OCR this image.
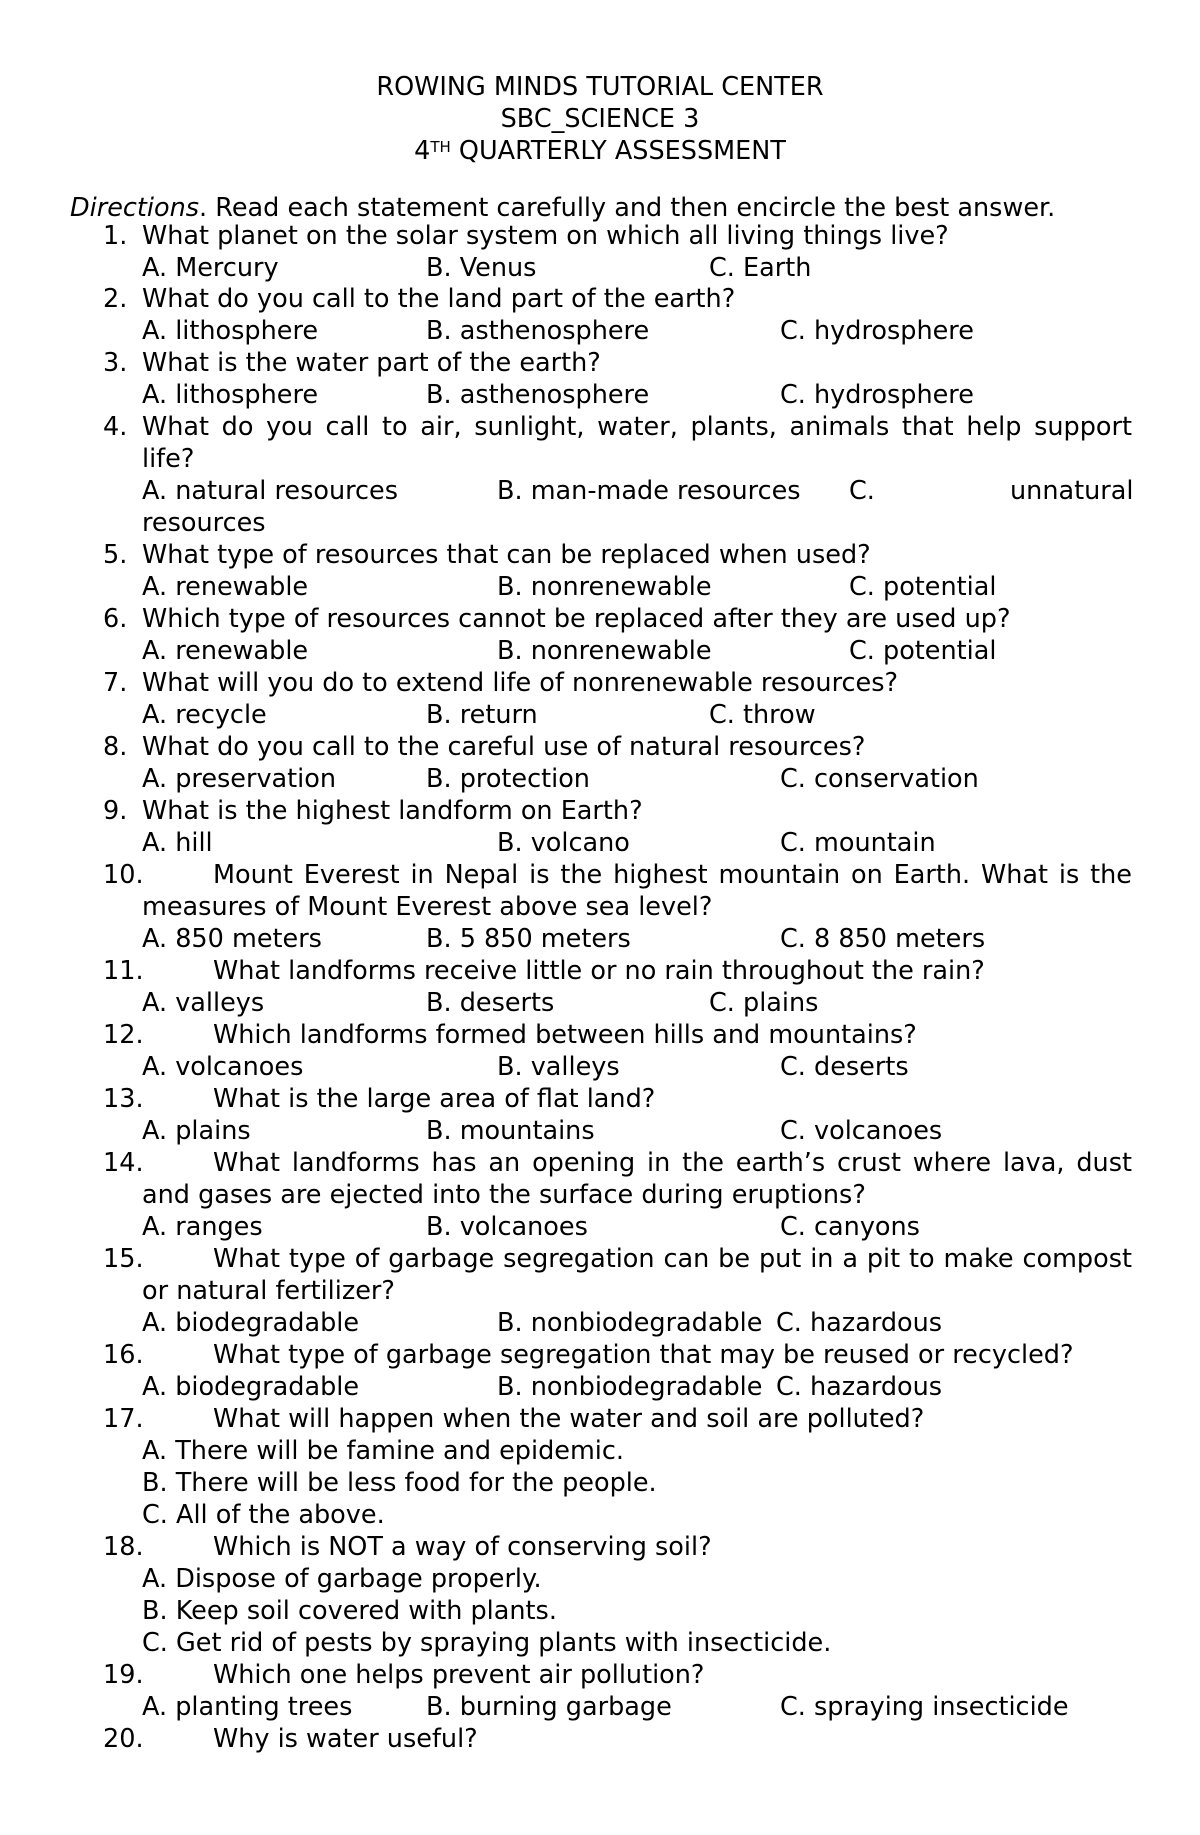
ROWING MINDS TUTORIAL CENTER
SBC_SCIENCE 3
4TH QUARTERLY ASSESSMENT
Directions. Read each statement carefully and then encircle the best answer.
1. What planet on the solar system on which all living things live?
A. Mercury	B. Venus	C. Earth
2. What do you call to the land part of the earth?
A. lithosphere	B. asthenosphere	C. hydrosphere
3. What is the water part of the earth?
A. lithosphere	B. asthenosphere	C. hydrosphere
4. What do you call to air, sunlight, water, plants, animals that help support
life?
A. natural resources	B. man-made resources C.	unnatural
resources
5. What type of resources that can be replaced when used?
A. renewable	B. nonrenewable	C. potential
6. Which type of resources cannot be replaced after they are used up?
A. renewable	B. nonrenewable	C. potential
7. What will you do to extend life of nonrenewable resources?
A. recycle	B. return	C. throw
8. What do you call to the careful use of natural resources?
A. preservation	B. protection	C. conservation
9. What is the highest landform on Earth?
A. hill	B. volcano	C. mountain
10.	Mount Everest in Nepal is the highest mountain on Earth. What is the
measures of Mount Everest above sea level?
A. 850 meters	B. 5 850 meters	C. 8 850 meters
11.	What landforms receive little or no rain throughout the rain?
A. valleys	B. deserts	C. plains
12.	Which landforms formed between hills and mountains?
A. volcanoes	B. valleys	C. deserts
13.	What is the large area of flat land?
A. plains	B. mountains	C. volcanoes
14.	What landforms has an opening in the earth’s crust where lava, dust
and gases are ejected into the surface during eruptions?
A. ranges	B. volcanoes	C. canyons
15.	What type of garbage segregation can be put in a pit to make compost
or natural fertilizer?
A. biodegradable	B. nonbiodegradable C. hazardous
16.	What type of garbage segregation that may be reused or recycled?
A. biodegradable	B. nonbiodegradable C. hazardous
17.	What will happen when the water and soil are polluted?
A. There will be famine and epidemic.
B. There will be less food for the people.
C. All of the above.
18.	Which is NOT a way of conserving soil?
A. Dispose of garbage properly.
B. Keep soil covered with plants.
C. Get rid of pests by spraying plants with insecticide.
19.	Which one helps prevent air pollution?
A. planting trees	B. burning garbage	C. spraying insecticide
20.	Why is water useful?
